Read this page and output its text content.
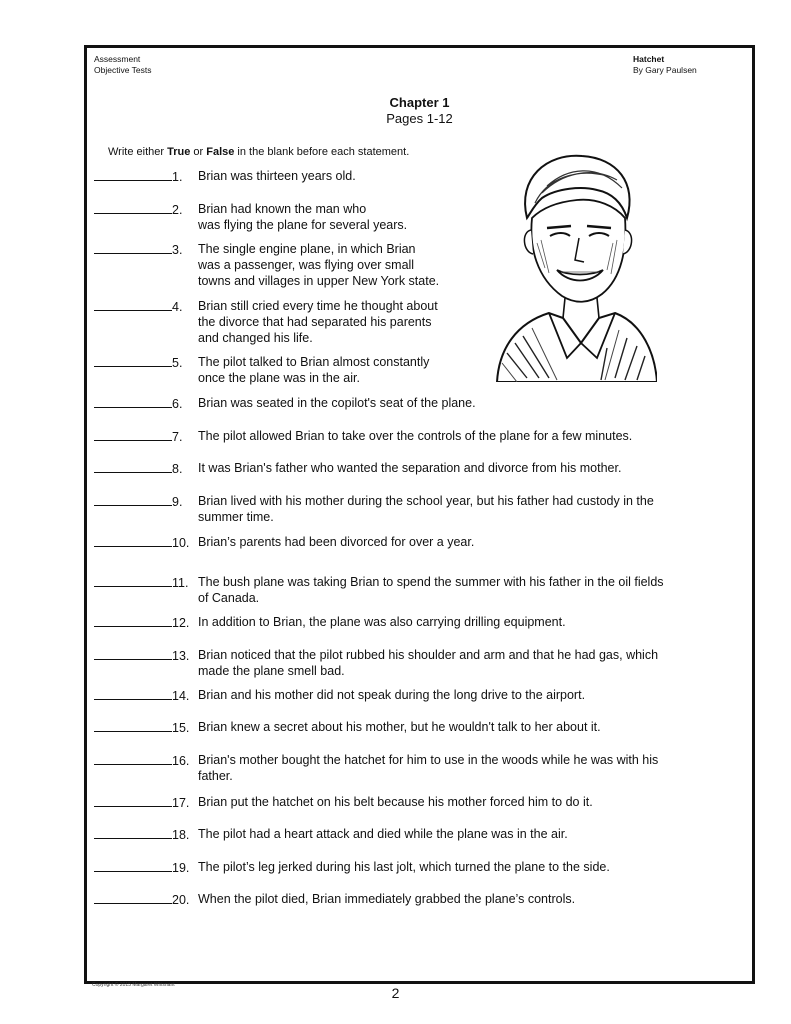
Assessment
Objective Tests
Hatchet
By Gary Paulsen
Chapter 1
Pages 1-12
Write either True or False in the blank before each statement.
1. Brian was thirteen years old.
2. Brian had known the man who
was flying the plane for several years.
3. The single engine plane, in which Brian
was a passenger, was flying over small
towns and villages in upper New York state.
4. Brian still cried every time he thought about
the divorce that had separated his parents
and changed his life.
5. The pilot talked to Brian almost constantly
once the plane was in the air.
6. Brian was seated in the copilot's seat of the plane.
7. The pilot allowed Brian to take over the controls of the plane for a few minutes.
8. It was Brian's father who wanted the separation and divorce from his mother.
9. Brian lived with his mother during the school year, but his father had custody in the
summer time.
10. Brian’s parents had been divorced for over a year.
11. The bush plane was taking Brian to spend the summer with his father in the oil fields
of Canada.
12. In addition to Brian, the plane was also carrying drilling equipment.
13. Brian noticed that the pilot rubbed his shoulder and arm and that he had gas, which
made the plane smell bad.
14. Brian and his mother did not speak during the long drive to the airport.
15. Brian knew a secret about his mother, but he wouldn't talk to her about it.
16. Brian's mother bought the hatchet for him to use in the woods while he was with his
father.
17. Brian put the hatchet on his belt because his mother forced him to do it.
18. The pilot had a heart attack and died while the plane was in the air.
19. The pilot’s leg jerked during his last jolt, which turned the plane to the side.
20. When the pilot died, Brian immediately grabbed the plane’s controls.
Copyright © 2015 Margaret Whisnant	2
